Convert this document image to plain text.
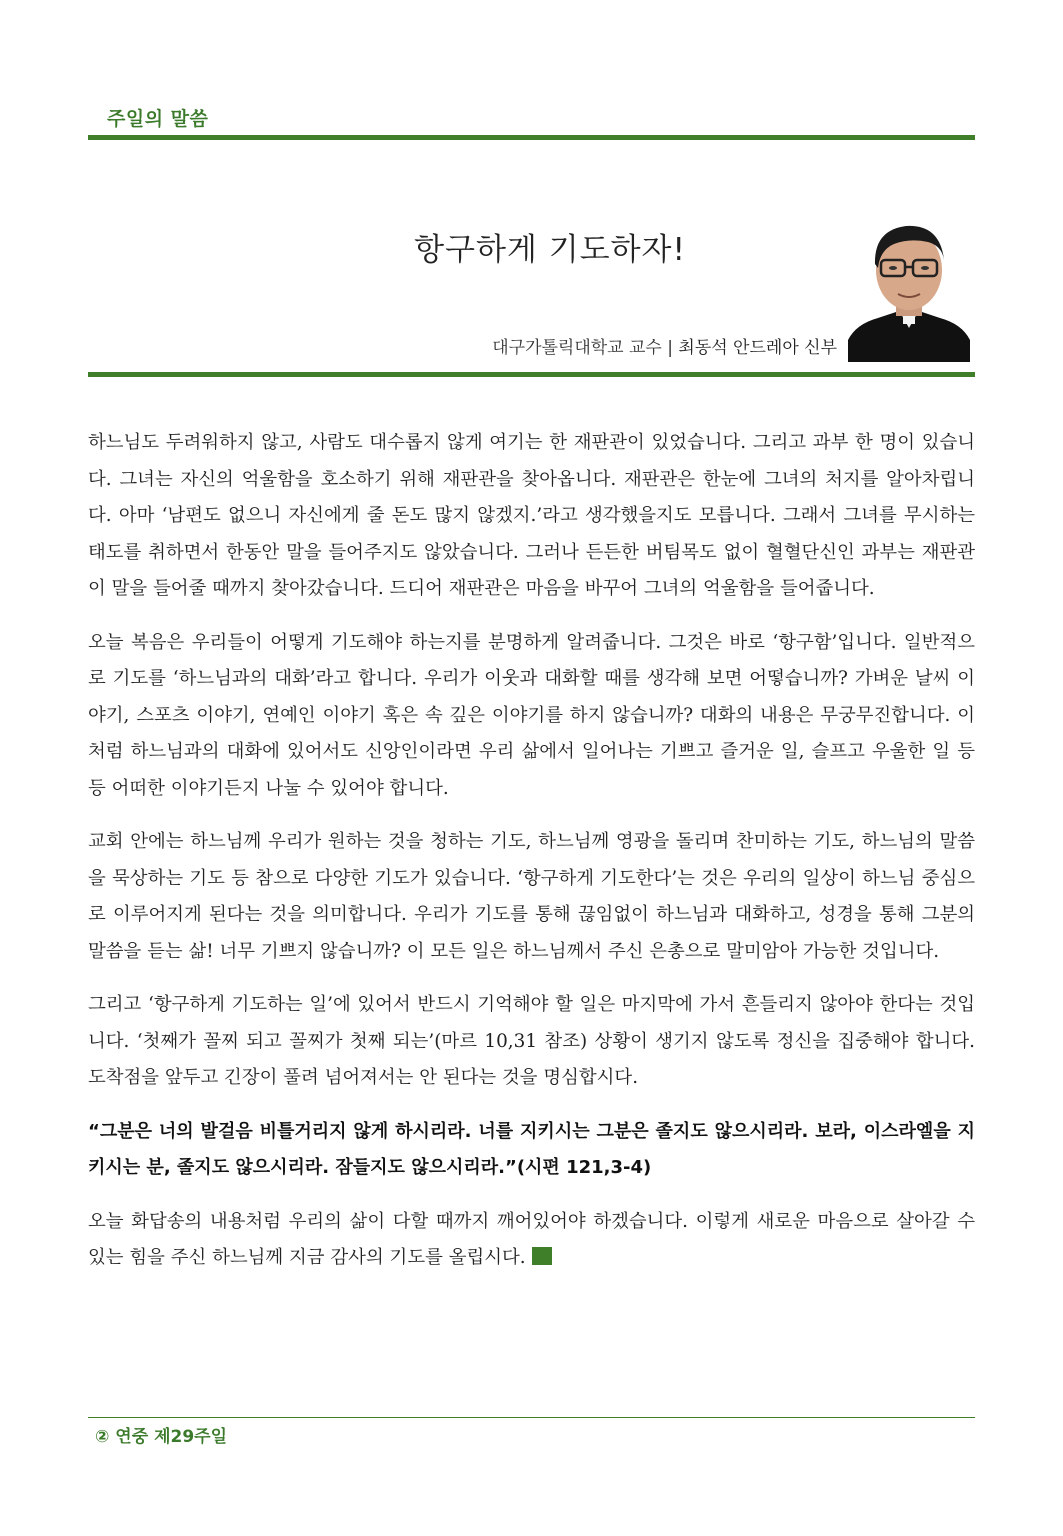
주일의 말씀
항구하게 기도하자!
대구가톨릭대학교 교수 | 최동석 안드레아 신부

하느님도 두려워하지 않고, 사람도 대수롭지 않게 여기는 한 재판관이 있었습니다. 그리고 과부 한 명이 있습니다. 그녀는 자신의 억울함을 호소하기 위해 재판관을 찾아옵니다. 재판관은 한눈에 그녀의 처지를 알아차립니다. 아마 ‘남편도 없으니 자신에게 줄 돈도 많지 않겠지.’라고 생각했을지도 모릅니다. 그래서 그녀를 무시하는 태도를 취하면서 한동안 말을 들어주지도 않았습니다. 그러나 든든한 버팀목도 없이 혈혈단신인 과부는 재판관이 말을 들어줄 때까지 찾아갔습니다. 드디어 재판관은 마음을 바꾸어 그녀의 억울함을 들어줍니다.

오늘 복음은 우리들이 어떻게 기도해야 하는지를 분명하게 알려줍니다. 그것은 바로 ‘항구함’입니다. 일반적으로 기도를 ‘하느님과의 대화’라고 합니다. 우리가 이웃과 대화할 때를 생각해 보면 어떻습니까? 가벼운 날씨 이야기, 스포츠 이야기, 연예인 이야기 혹은 속 깊은 이야기를 하지 않습니까? 대화의 내용은 무궁무진합니다. 이처럼 하느님과의 대화에 있어서도 신앙인이라면 우리 삶에서 일어나는 기쁘고 즐거운 일, 슬프고 우울한 일 등등 어떠한 이야기든지 나눌 수 있어야 합니다.

교회 안에는 하느님께 우리가 원하는 것을 청하는 기도, 하느님께 영광을 돌리며 찬미하는 기도, 하느님의 말씀을 묵상하는 기도 등 참으로 다양한 기도가 있습니다. ‘항구하게 기도한다’는 것은 우리의 일상이 하느님 중심으로 이루어지게 된다는 것을 의미합니다. 우리가 기도를 통해 끊임없이 하느님과 대화하고, 성경을 통해 그분의 말씀을 듣는 삶! 너무 기쁘지 않습니까? 이 모든 일은 하느님께서 주신 은총으로 말미암아 가능한 것입니다.

그리고 ‘항구하게 기도하는 일’에 있어서 반드시 기억해야 할 일은 마지막에 가서 흔들리지 않아야 한다는 것입니다. ‘첫째가 꼴찌 되고 꼴찌가 첫째 되는’(마르 10,31 참조) 상황이 생기지 않도록 정신을 집중해야 합니다. 도착점을 앞두고 긴장이 풀려 넘어져서는 안 된다는 것을 명심합시다.

“그분은 너의 발걸음 비틀거리지 않게 하시리라. 너를 지키시는 그분은 졸지도 않으시리라. 보라, 이스라엘을 지키시는 분, 졸지도 않으시리라. 잠들지도 않으시리라.”(시편 121,3-4)

오늘 화답송의 내용처럼 우리의 삶이 다할 때까지 깨어있어야 하겠습니다. 이렇게 새로운 마음으로 살아갈 수 있는 힘을 주신 하느님께 지금 감사의 기도를 올립시다.

② 연중 제29주일
